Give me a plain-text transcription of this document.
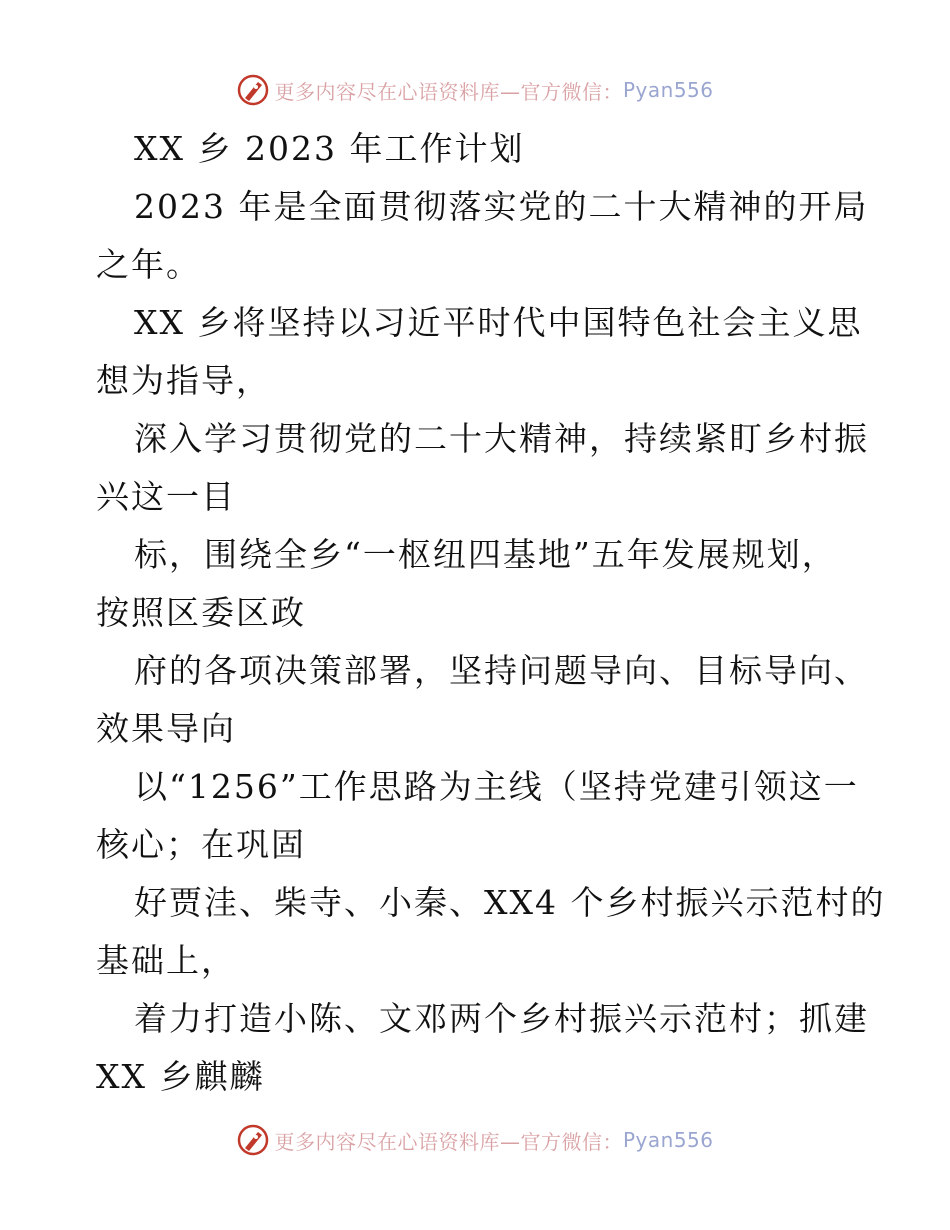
更多内容尽在心语资料库—官方微信： Pyan556
XX 乡 2023 年工作计划
2023 年是全面贯彻落实党的二十大精神的开局
之年。
XX 乡将坚持以习近平时代中国特色社会主义思
想为指导，
深入学习贯彻党的二十大精神，持续紧盯乡村振
兴这一目
标，围绕全乡“一枢纽四基地”五年发展规划，
按照区委区政
府的各项决策部署，坚持问题导向、目标导向、
效果导向
以“1256”工作思路为主线（坚持党建引领这一
核心；在巩固
好贾洼、柴寺、小秦、XX4 个乡村振兴示范村的
基础上，
着力打造小陈、文邓两个乡村振兴示范村；抓建
XX 乡麒麟
更多内容尽在心语资料库—官方微信： Pyan556
